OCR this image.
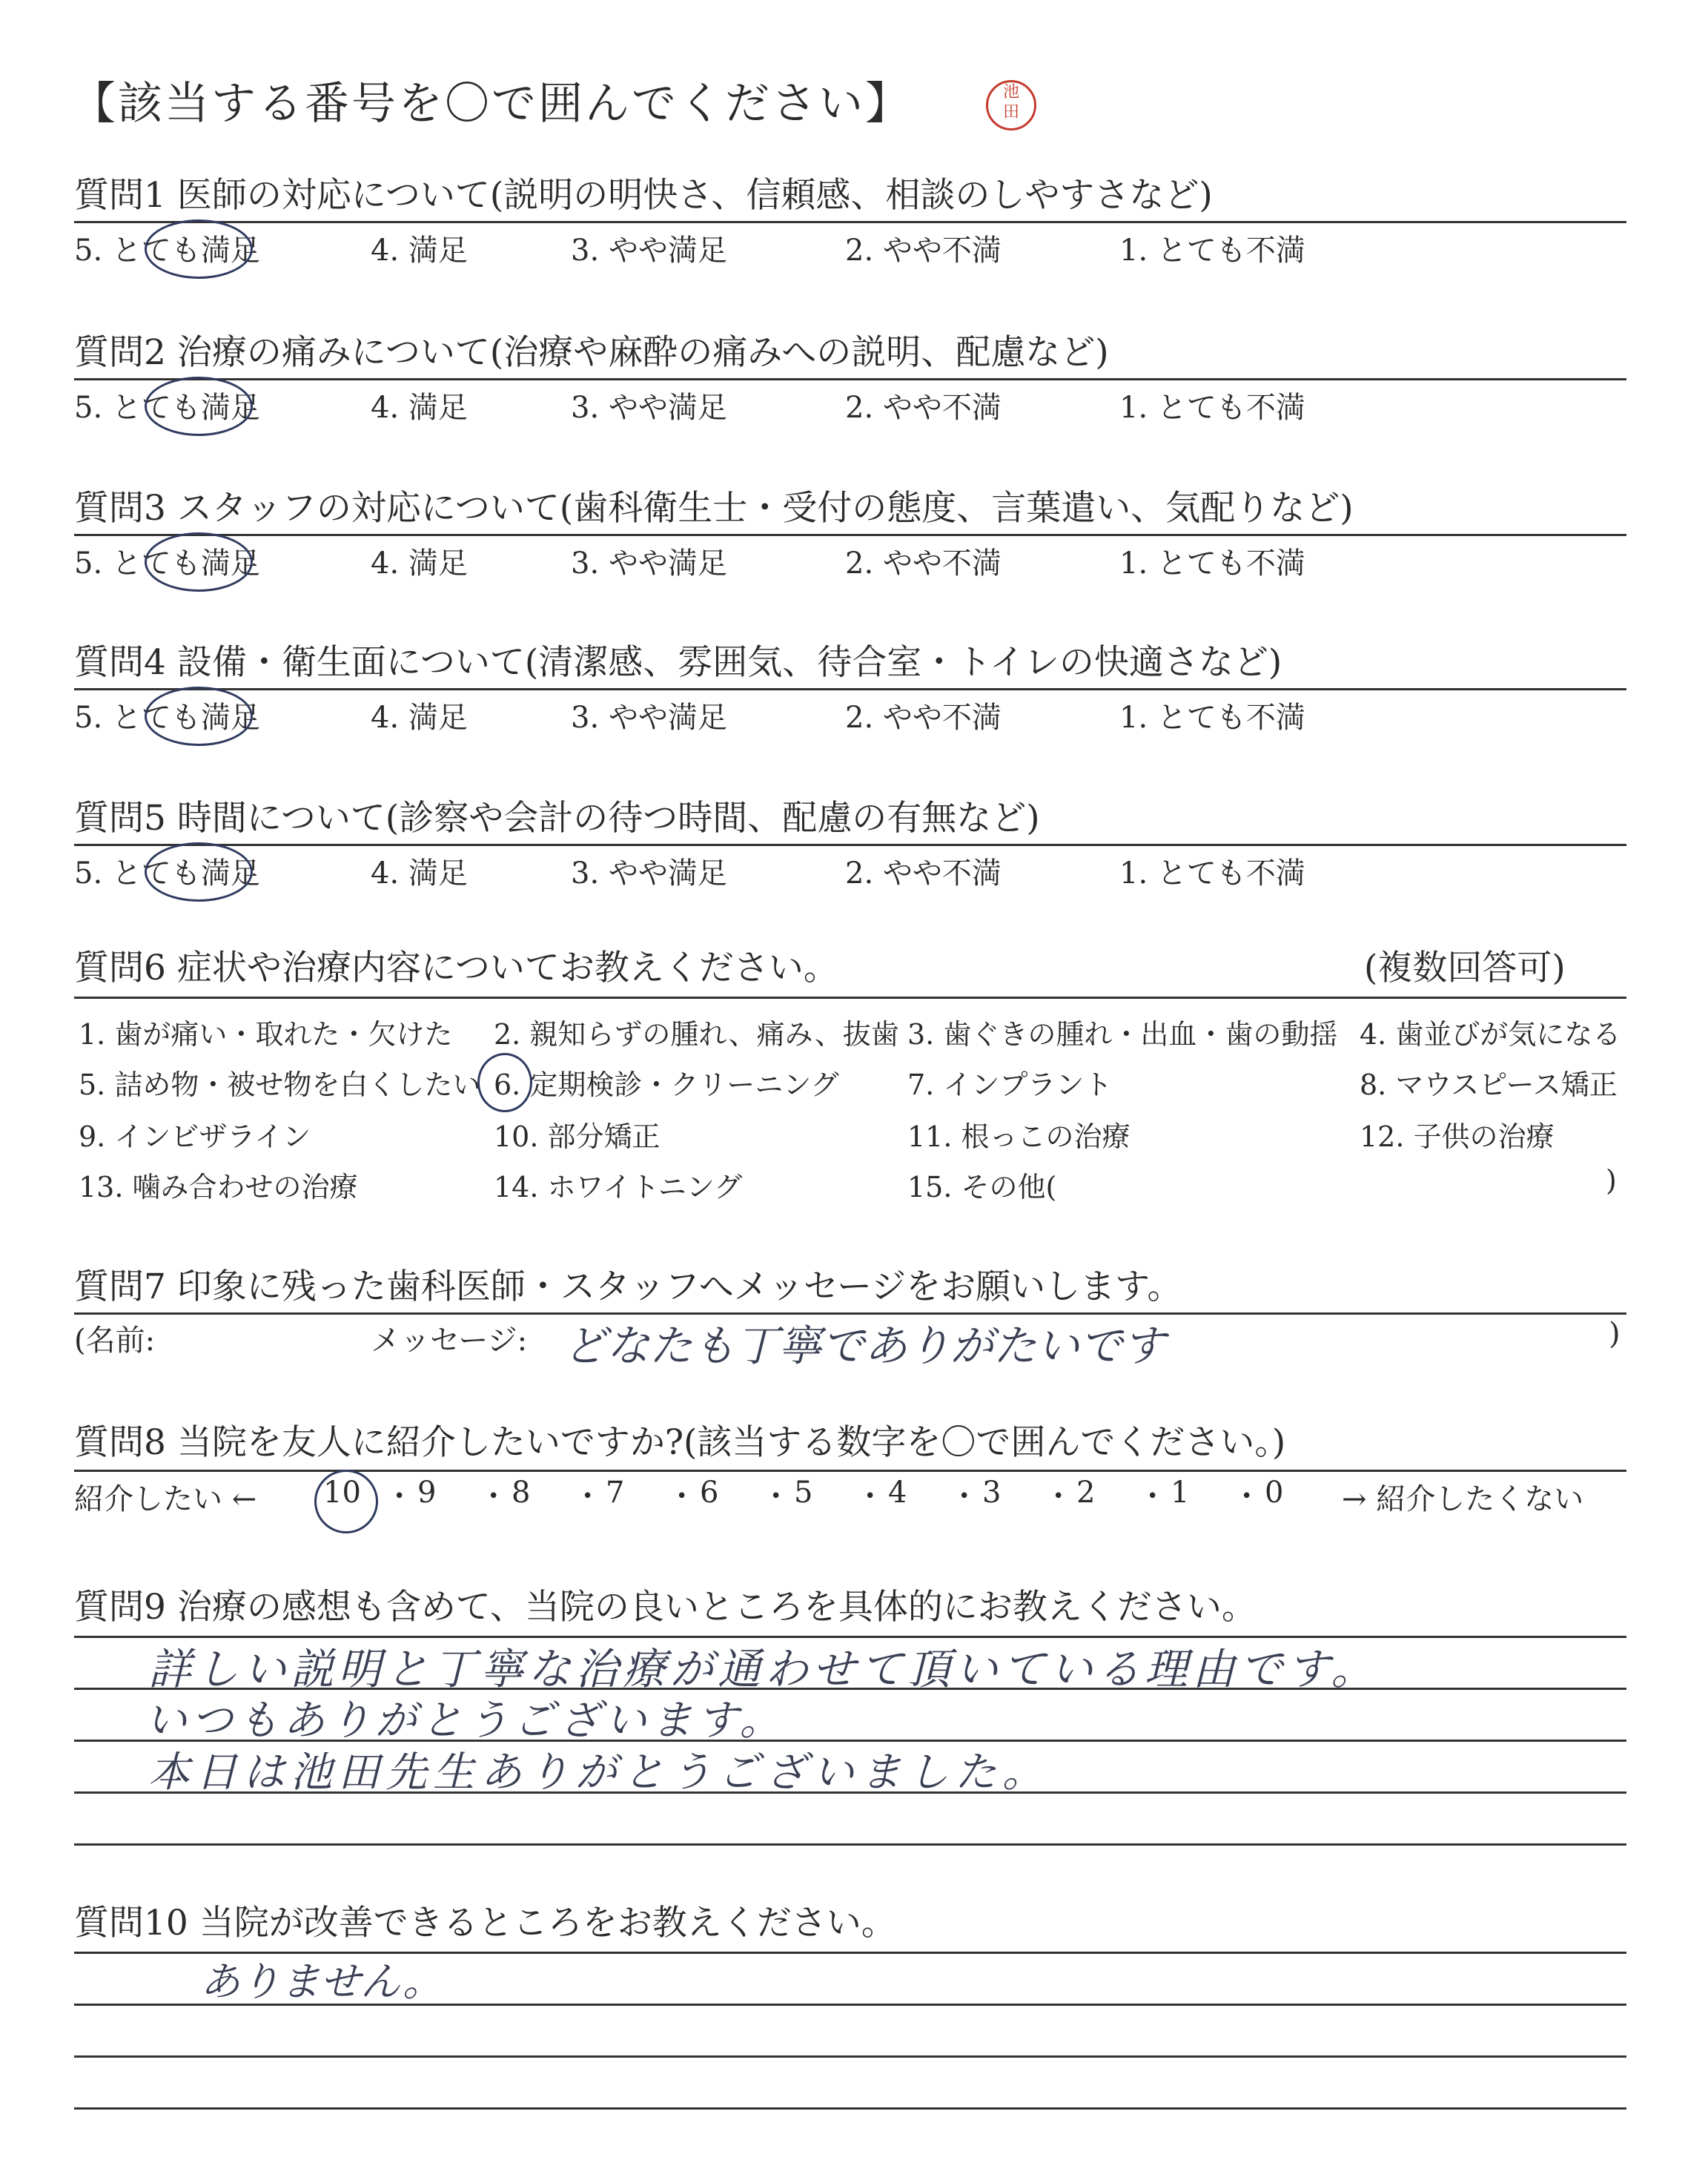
【該当する番号を〇で囲んでください】	池
田
質問1 医師の対応について(説明の明快さ、信頼感、相談のしやすさなど)
5. とても満足	4. 満足	3. やや満足	2. やや不満	1. とても不満
質問2 治療の痛みについて(治療や麻酔の痛みへの説明、配慮など)
5. とても満足	4. 満足	3. やや満足	2. やや不満	1. とても不満
質問3 スタッフの対応について(歯科衛生士・受付の態度、言葉遣い、気配りなど)
5. とても満足	4. 満足	3. やや満足	2. やや不満	1. とても不満
質問4 設備・衛生面について(清潔感、雰囲気、待合室・トイレの快適さなど)
5. とても満足	4. 満足	3. やや満足	2. やや不満	1. とても不満
質問5 時間について(診察や会計の待つ時間、配慮の有無など)
5. とても満足	4. 満足	3. やや満足	2. やや不満	1. とても不満
質問6 症状や治療内容についてお教えください。	(複数回答可)
1. 歯が痛い・取れた・欠けた 2. 親知らずの腫れ、痛み、抜歯 3. 歯ぐきの腫れ・出血・歯の動揺 4. 歯並びが気になる
5. 詰め物・被せ物を白くしたい 6. 定期検診・クリーニング 7. インプラント	8. マウスピース矯正
9. インビザライン	10. 部分矯正	11. 根っこの治療	12. 子供の治療
13. 噛み合わせの治療	14. ホワイトニング	15. その他(	)
質問7 印象に残った歯科医師・スタッフへメッセージをお願いします。
(名前:	メッセージ: どなたも丁寧でありがたいです	)
質問8 当院を友人に紹介したいですか?(該当する数字を〇で囲んでください。)
紹介したい ←	→ 紹介したくない
10 • 9	• 8	• 7	• 6	• 5	• 4	• 3	• 2	• 1	• 0
質問9 治療の感想も含めて、当院の良いところを具体的にお教えください。
詳しい説明と丁寧な治療が通わせて頂いている理由です。
いつもありがとうございます。
本日は池田先生ありがとうございました。
質問10 当院が改善できるところをお教えください。
ありません。
